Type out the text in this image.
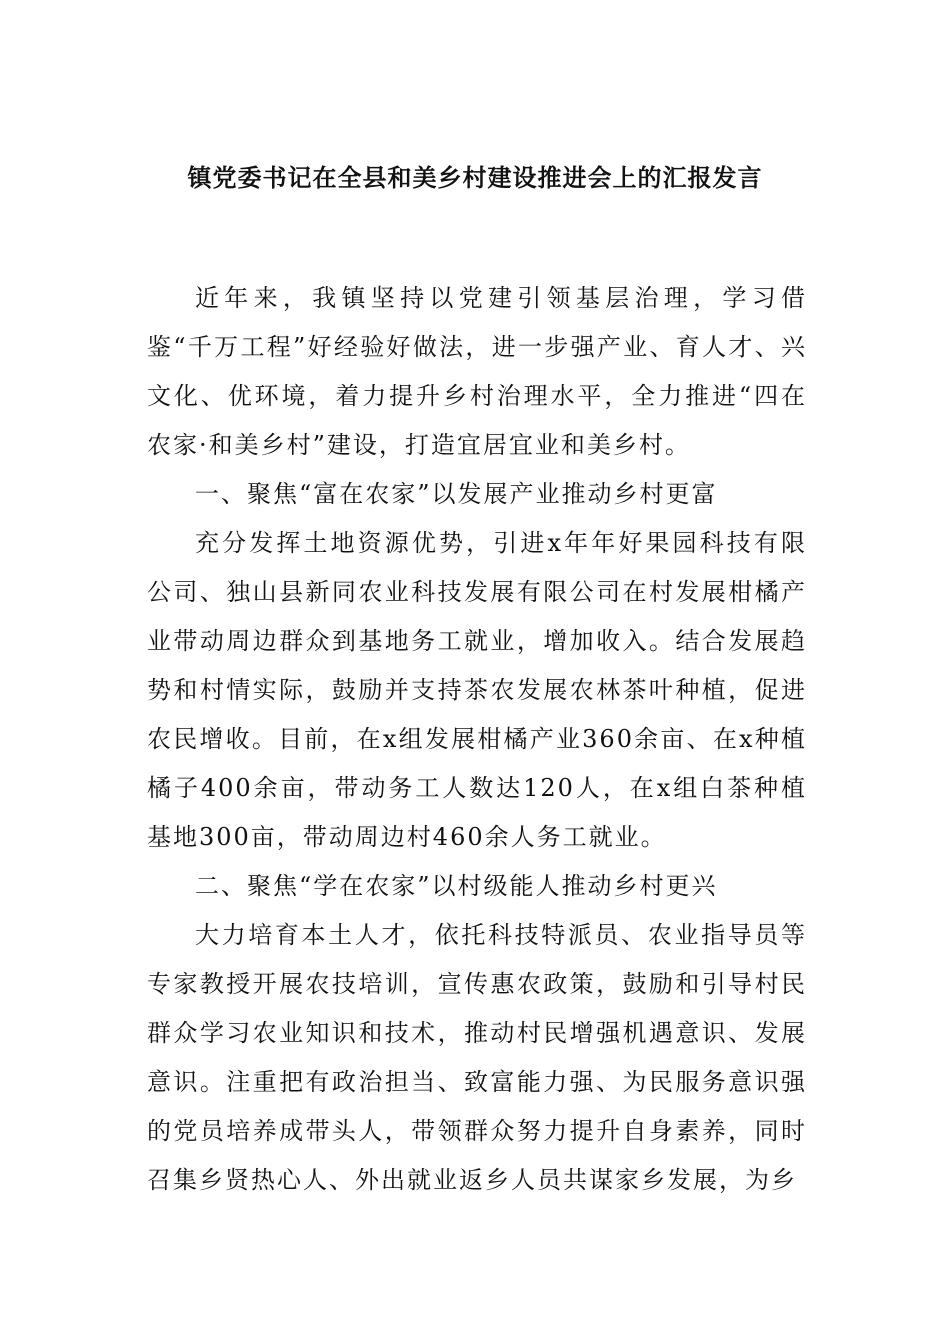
镇党委书记在全县和美乡村建设推进会上的汇报发言

近年来，我镇坚持以党建引领基层治理，学习借鉴“千万工程”好经验好做法，进一步强产业、育人才、兴文化、优环境，着力提升乡村治理水平，全力推进“四在农家·和美乡村”建设，打造宜居宜业和美乡村。

一、聚焦“富在农家”以发展产业推动乡村更富

充分发挥土地资源优势，引进x年年好果园科技有限公司、独山县新同农业科技发展有限公司在村发展柑橘产业带动周边群众到基地务工就业，增加收入。结合发展趋势和村情实际，鼓励并支持茶农发展农林茶叶种植，促进农民增收。目前，在x组发展柑橘产业360余亩、在x种植橘子400余亩，带动务工人数达120人，在x组白茶种植基地300亩，带动周边村460余人务工就业。

二、聚焦“学在农家”以村级能人推动乡村更兴

大力培育本土人才，依托科技特派员、农业指导员等专家教授开展农技培训，宣传惠农政策，鼓励和引导村民群众学习农业知识和技术，推动村民增强机遇意识、发展意识。注重把有政治担当、致富能力强、为民服务意识强的党员培养成带头人，带领群众努力提升自身素养，同时召集乡贤热心人、外出就业返乡人员共谋家乡发展，为乡
